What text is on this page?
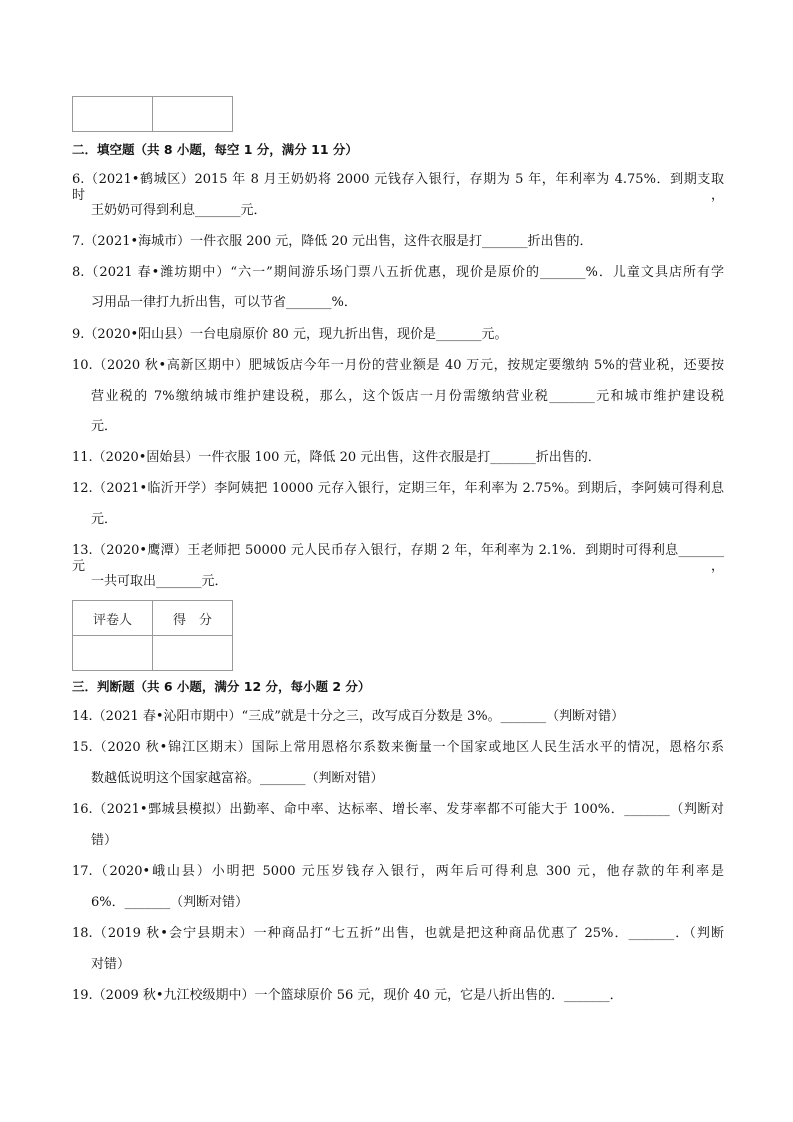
二．填空题（共 8 小题，每空 1 分，满分 11 分）
6.（2021•鹤城区）2015 年 8 月王奶奶将 2000 元钱存入银行，存期为 5 年，年利率为 4.75%．到期支取时，
王奶奶可得到利息_______元．
7.（2021•海城市）一件衣服 200 元，降低 20 元出售，这件衣服是打_______折出售的．
8.（2021 春•潍坊期中）“六一”期间游乐场门票八五折优惠，现价是原价的_______%．儿童文具店所有学
习用品一律打九折出售，可以节省_______%．
9.（2020•阳山县）一台电扇原价 80 元，现九折出售，现价是_______元。
10.（2020 秋•高新区期中）肥城饭店今年一月份的营业额是 40 万元，按规定要缴纳 5%的营业税，还要按
营业税的 7%缴纳城市维护建设税，那么，这个饭店一月份需缴纳营业税_______元和城市维护建设税
元．
11.（2020•固始县）一件衣服 100 元，降低 20 元出售，这件衣服是打_______折出售的．
12.（2021•临沂开学）李阿姨把 10000 元存入银行，定期三年，年利率为 2.75%。到期后，李阿姨可得利息
元．
13.（2020•鹰潭）王老师把 50000 元人民币存入银行，存期 2 年，年利率为 2.1%．到期时可得利息_______元，
一共可取出_______元．
评卷人	得　分

三．判断题（共 6 小题，满分 12 分，每小题 2 分）
14.（2021 春•沁阳市期中）“三成”就是十分之三，改写成百分数是 3%。_______（判断对错）
15.（2020 秋•锦江区期末）国际上常用恩格尔系数来衡量一个国家或地区人民生活水平的情况，恩格尔系
数越低说明这个国家越富裕。_______（判断对错）
16.（2021•鄄城县模拟）出勤率、命中率、达标率、增长率、发芽率都不可能大于 100%．_______（判断对
错）
17.（2020•峨山县）小明把 5000 元压岁钱存入银行，两年后可得利息 300 元，他存款的年利率是
6%．_______（判断对错）
18.（2019 秋•会宁县期末）一种商品打“七五折”出售，也就是把这种商品优惠了 25%．_______．（判断
对错）
19.（2009 秋•九江校级期中）一个篮球原价 56 元，现价 40 元，它是八折出售的．_______．
